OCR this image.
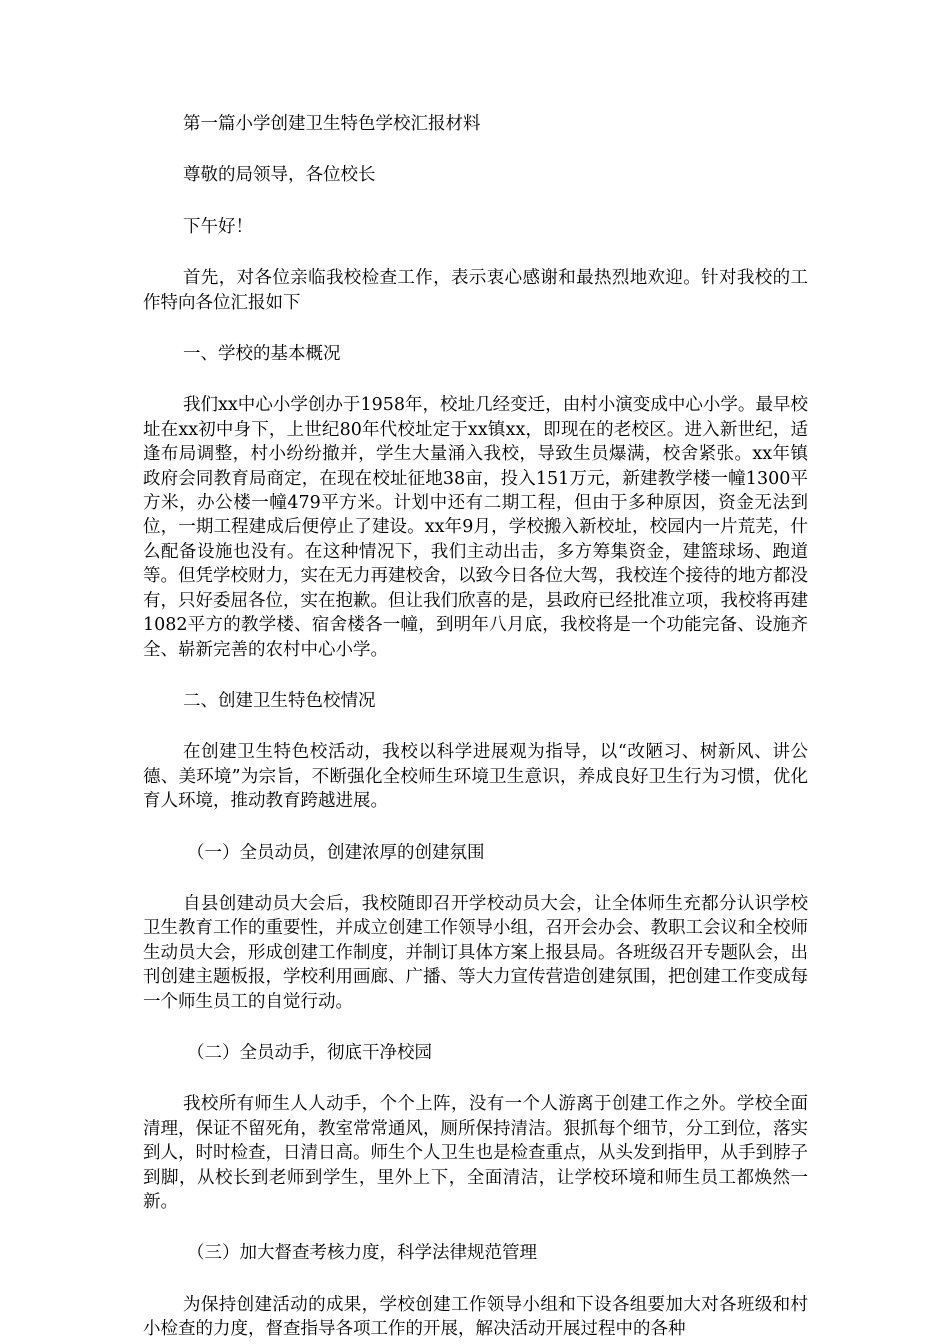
第一篇小学创建卫生特色学校汇报材料

尊敬的局领导，各位校长

下午好！

首先，对各位亲临我校检查工作，表示衷心感谢和最热烈地欢迎。针对我校的工作特向各位汇报如下

一、学校的基本概况

我们xx中心小学创办于1958年，校址几经变迁，由村小演变成中心小学。最早校址在xx初中身下，上世纪80年代校址定于xx镇xx，即现在的老校区。进入新世纪，适逢布局调整，村小纷纷撤并，学生大量涌入我校，导致生员爆满，校舍紧张。xx年镇政府会同教育局商定，在现在校址征地38亩，投入151万元，新建教学楼一幢1300平方米，办公楼一幢479平方米。计划中还有二期工程，但由于多种原因，资金无法到位，一期工程建成后便停止了建设。xx年9月，学校搬入新校址，校园内一片荒芜，什么配备设施也没有。在这种情况下，我们主动出击，多方筹集资金，建篮球场、跑道等。但凭学校财力，实在无力再建校舍，以致今日各位大驾，我校连个接待的地方都没有，只好委屈各位，实在抱歉。但让我们欣喜的是，县政府已经批准立项，我校将再建1082平方的教学楼、宿舍楼各一幢，到明年八月底，我校将是一个功能完备、设施齐全、崭新完善的农村中心小学。

二、创建卫生特色校情况

在创建卫生特色校活动，我校以科学进展观为指导，以“改陋习、树新风、讲公德、美环境”为宗旨，不断强化全校师生环境卫生意识，养成良好卫生行为习惯，优化育人环境，推动教育跨越进展。

（一）全员动员，创建浓厚的创建氛围

自县创建动员大会后，我校随即召开学校动员大会，让全体师生充都分认识学校卫生教育工作的重要性，并成立创建工作领导小组，召开会办会、教职工会议和全校师生动员大会，形成创建工作制度，并制订具体方案上报县局。各班级召开专题队会，出刊创建主题板报，学校利用画廊、广播、等大力宣传营造创建氛围，把创建工作变成每一个师生员工的自觉行动。

（二）全员动手，彻底干净校园

我校所有师生人人动手，个个上阵，没有一个人游离于创建工作之外。学校全面清理，保证不留死角，教室常常通风，厕所保持清洁。狠抓每个细节，分工到位，落实到人，时时检查，日清日高。师生个人卫生也是检查重点，从头发到指甲，从手到脖子到脚，从校长到老师到学生，里外上下，全面清洁，让学校环境和师生员工都焕然一新。

（三）加大督查考核力度，科学法律规范管理

为保持创建活动的成果，学校创建工作领导小组和下设各组要加大对各班级和村小检查的力度，督查指导各项工作的开展，解决活动开展过程中的各种
